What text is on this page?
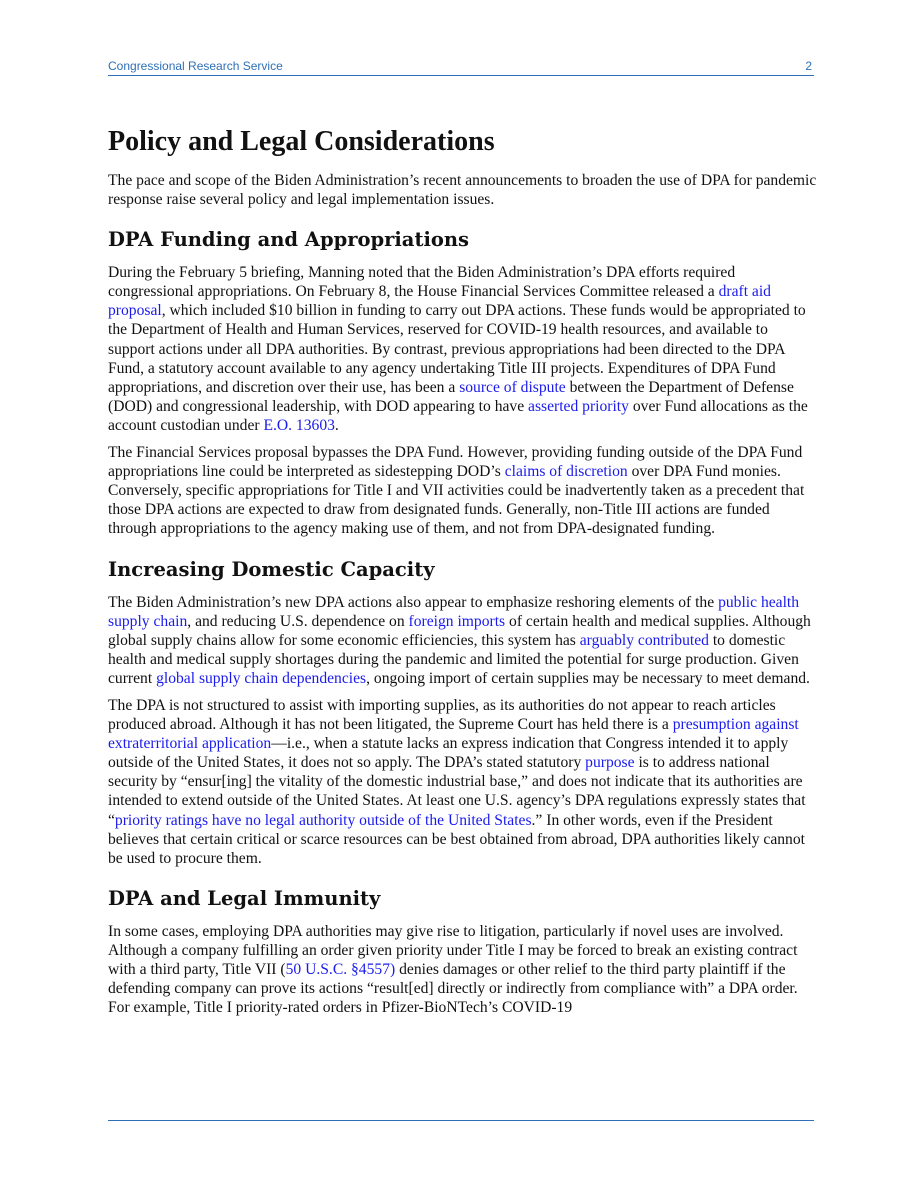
Congressional Research Service	2
Policy and Legal Considerations

The pace and scope of the Biden Administration’s recent announcements to broaden the use of DPA for pandemic response raise several policy and legal implementation issues.

DPA Funding and Appropriations

During the February 5 briefing, Manning noted that the Biden Administration’s DPA efforts required congressional appropriations. On February 8, the House Financial Services Committee released a draft aid proposal, which included $10 billion in funding to carry out DPA actions. These funds would be appropriated to the Department of Health and Human Services, reserved for COVID-19 health resources, and available to support actions under all DPA authorities. By contrast, previous appropriations had been directed to the DPA Fund, a statutory account available to any agency undertaking Title III projects. Expenditures of DPA Fund appropriations, and discretion over their use, has been a source of dispute between the Department of Defense (DOD) and congressional leadership, with DOD appearing to have asserted priority over Fund allocations as the account custodian under E.O. 13603.

The Financial Services proposal bypasses the DPA Fund. However, providing funding outside of the DPA Fund appropriations line could be interpreted as sidestepping DOD’s claims of discretion over DPA Fund monies. Conversely, specific appropriations for Title I and VII activities could be inadvertently taken as a precedent that those DPA actions are expected to draw from designated funds. Generally, non-Title III actions are funded through appropriations to the agency making use of them, and not from DPA-designated funding.

Increasing Domestic Capacity

The Biden Administration’s new DPA actions also appear to emphasize reshoring elements of the public health supply chain, and reducing U.S. dependence on foreign imports of certain health and medical supplies. Although global supply chains allow for some economic efficiencies, this system has arguably contributed to domestic health and medical supply shortages during the pandemic and limited the potential for surge production. Given current global supply chain dependencies, ongoing import of certain supplies may be necessary to meet demand.

The DPA is not structured to assist with importing supplies, as its authorities do not appear to reach articles produced abroad. Although it has not been litigated, the Supreme Court has held there is a presumption against extraterritorial application—i.e., when a statute lacks an express indication that Congress intended it to apply outside of the United States, it does not so apply. The DPA’s stated statutory purpose is to address national security by “ensur[ing] the vitality of the domestic industrial base,” and does not indicate that its authorities are intended to extend outside of the United States. At least one U.S. agency’s DPA regulations expressly states that “priority ratings have no legal authority outside of the United States.” In other words, even if the President believes that certain critical or scarce resources can be best obtained from abroad, DPA authorities likely cannot be used to procure them.

DPA and Legal Immunity

In some cases, employing DPA authorities may give rise to litigation, particularly if novel uses are involved. Although a company fulfilling an order given priority under Title I may be forced to break an existing contract with a third party, Title VII (50 U.S.C. §4557) denies damages or other relief to the third party plaintiff if the defending company can prove its actions “result[ed] directly or indirectly from compliance with” a DPA order. For example, Title I priority-rated orders in Pfizer-BioNTech’s COVID-19
